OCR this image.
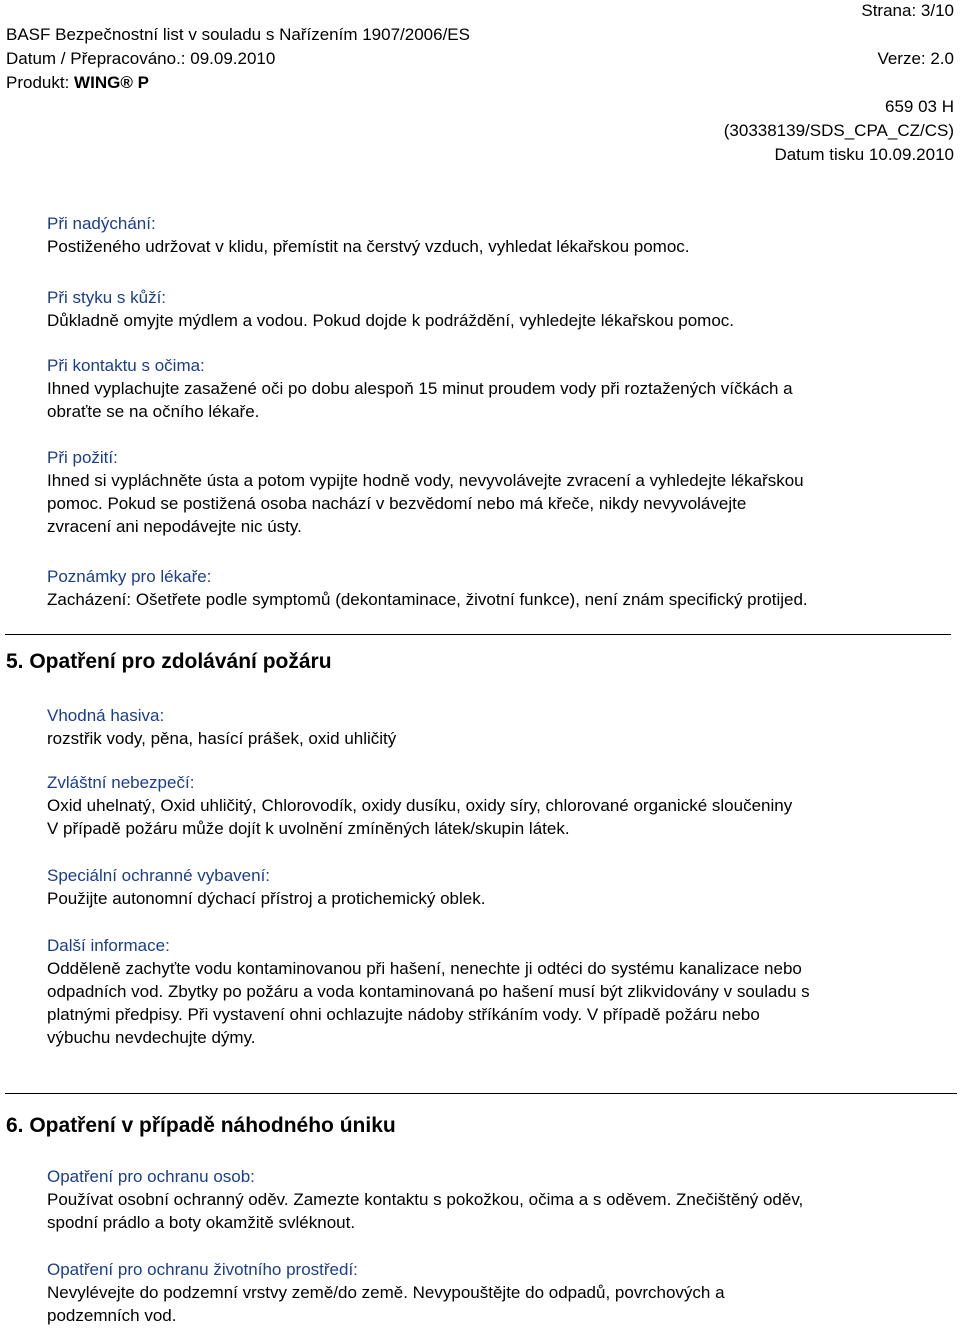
Strana: 3/10
BASF Bezpečnostní list v souladu s Nařízením 1907/2006/ES
Datum / Přepracováno.: 09.09.2010	Verze: 2.0
Produkt: WING® P
659 03 H
(30338139/SDS_CPA_CZ/CS)
Datum tisku 10.09.2010
Při nadýchání:
Postiženého udržovat v klidu, přemístit na čerstvý vzduch, vyhledat lékařskou pomoc.
Při styku s kůží:
Důkladně omyjte mýdlem a vodou. Pokud dojde k podráždění, vyhledejte lékařskou pomoc.
Při kontaktu s očima:
Ihned vyplachujte zasažené oči po dobu alespoň 15 minut proudem vody při roztažených víčkách a
obraťte se na očního lékaře.
Při požití:
Ihned si vypláchněte ústa a potom vypijte hodně vody, nevyvolávejte zvracení a vyhledejte lékařskou
pomoc. Pokud se postižená osoba nachází v bezvědomí nebo má křeče, nikdy nevyvolávejte
zvracení ani nepodávejte nic ústy.
Poznámky pro lékaře:
Zacházení: Ošetřete podle symptomů (dekontaminace, životní funkce), není znám specifický protijed.
5. Opatření pro zdolávání požáru
Vhodná hasiva:
rozstřik vody, pěna, hasící prášek, oxid uhličitý
Zvláštní nebezpečí:
Oxid uhelnatý, Oxid uhličitý, Chlorovodík, oxidy dusíku, oxidy síry, chlorované organické sloučeniny
V případě požáru může dojít k uvolnění zmíněných látek/skupin látek.
Speciální ochranné vybavení:
Použijte autonomní dýchací přístroj a protichemický oblek.
Další informace:
Odděleně zachyťte vodu kontaminovanou při hašení, nenechte ji odtéci do systému kanalizace nebo
odpadních vod. Zbytky po požáru a voda kontaminovaná po hašení musí být zlikvidovány v souladu s
platnými předpisy. Při vystavení ohni ochlazujte nádoby stříkáním vody. V případě požáru nebo
výbuchu nevdechujte dýmy.
6. Opatření v případě náhodného úniku
Opatření pro ochranu osob:
Používat osobní ochranný oděv. Zamezte kontaktu s pokožkou, očima a s oděvem. Znečištěný oděv,
spodní prádlo a boty okamžitě svléknout.
Opatření pro ochranu životního prostředí:
Nevylévejte do podzemní vrstvy země/do země. Nevypouštějte do odpadů, povrchových a
podzemních vod.
